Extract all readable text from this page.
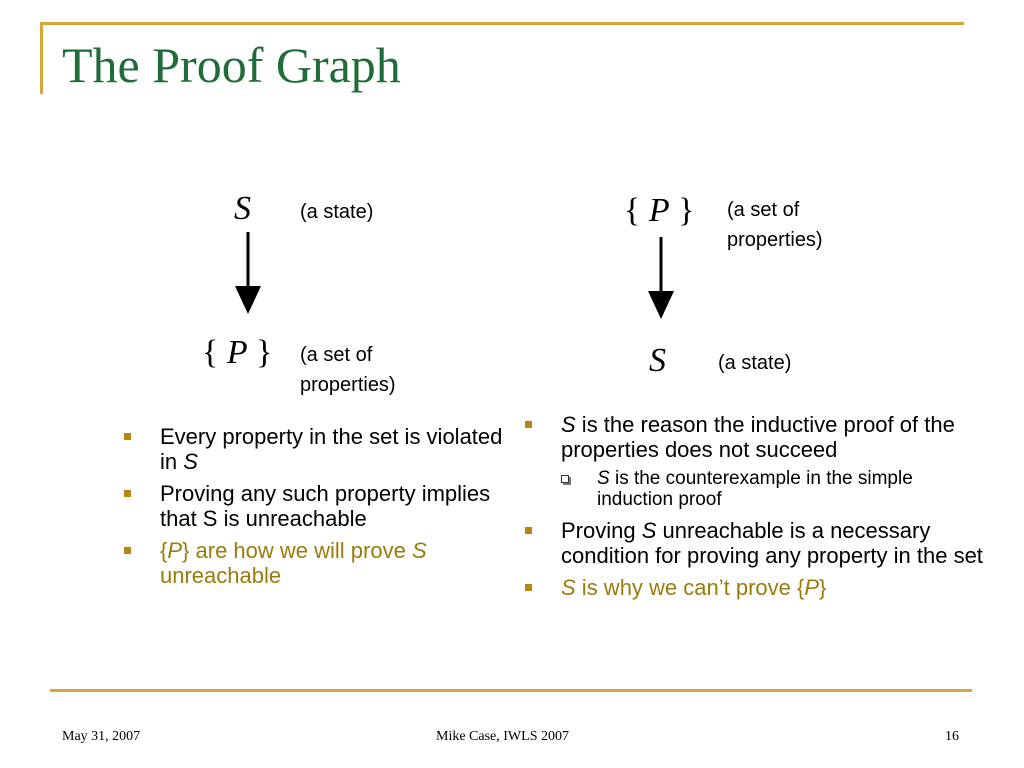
The Proof Graph
S (a state)
{ P } (a set of properties)
{ P } (a set of properties)
S	(a state)
Every property in the set is violated in S
Proving any such property implies that S is unreachable
{P} are how we will prove S unreachable
S is the reason the inductive proof of the properties does not succeed
S is the counterexample in the simple induction proof
Proving S unreachable is a necessary condition for proving any property in the set
S is why we can’t prove {P}
May 31, 2007	Mike Case, IWLS 2007	16
